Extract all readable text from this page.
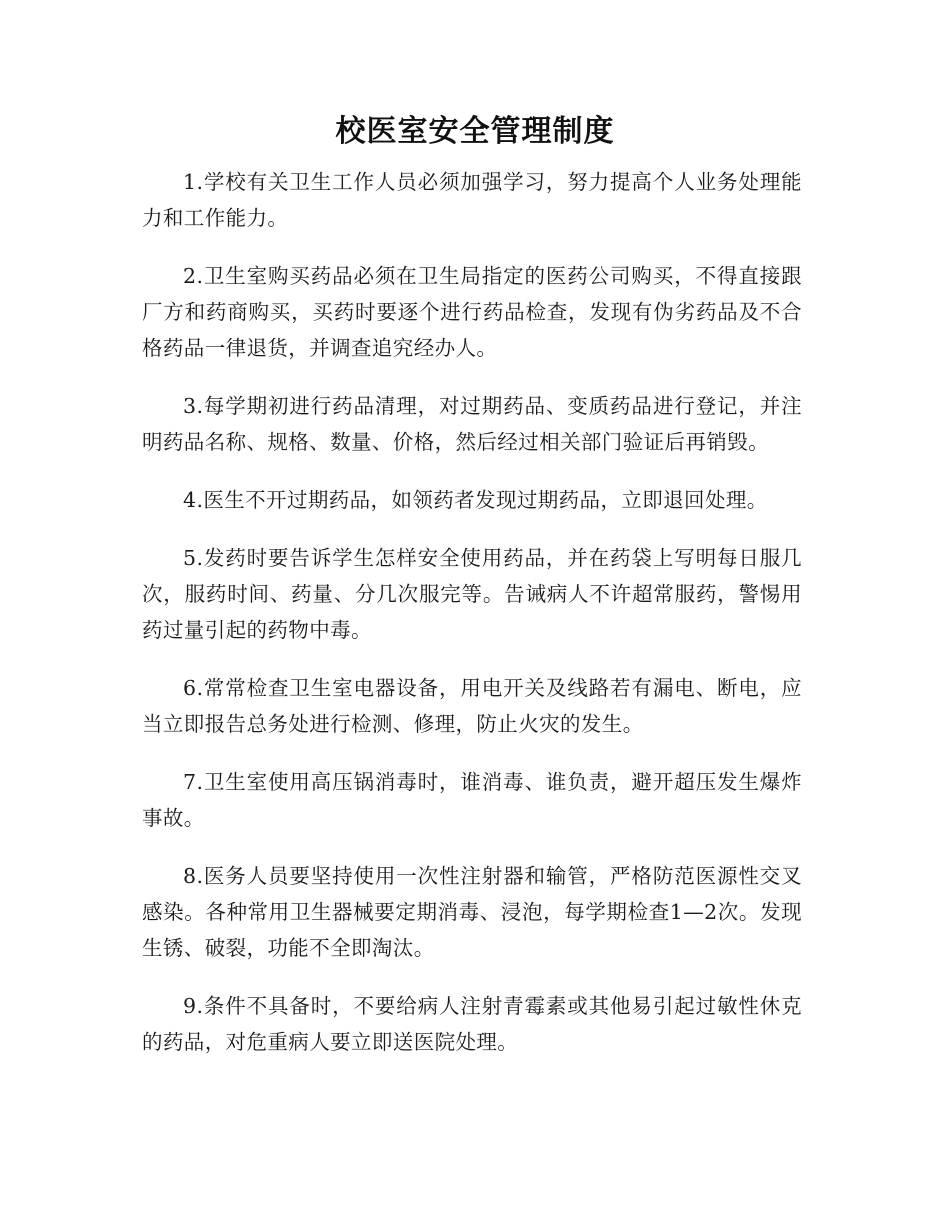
校医室安全管理制度

1.学校有关卫生工作人员必须加强学习，努力提高个人业务处理能力和工作能力。

2.卫生室购买药品必须在卫生局指定的医药公司购买，不得直接跟厂方和药商购买，买药时要逐个进行药品检查，发现有伪劣药品及不合格药品一律退货，并调查追究经办人。

3.每学期初进行药品清理，对过期药品、变质药品进行登记，并注明药品名称、规格、数量、价格，然后经过相关部门验证后再销毁。

4.医生不开过期药品，如领药者发现过期药品，立即退回处理。

5.发药时要告诉学生怎样安全使用药品，并在药袋上写明每日服几次，服药时间、药量、分几次服完等。告诫病人不许超常服药，警惕用药过量引起的药物中毒。

6.常常检查卫生室电器设备，用电开关及线路若有漏电、断电，应当立即报告总务处进行检测、修理，防止火灾的发生。

7.卫生室使用高压锅消毒时，谁消毒、谁负责，避开超压发生爆炸事故。

8.医务人员要坚持使用一次性注射器和输管，严格防范医源性交叉感染。各种常用卫生器械要定期消毒、浸泡，每学期检查1—2次。发现生锈、破裂，功能不全即淘汰。

9.条件不具备时，不要给病人注射青霉素或其他易引起过敏性休克的药品，对危重病人要立即送医院处理。
